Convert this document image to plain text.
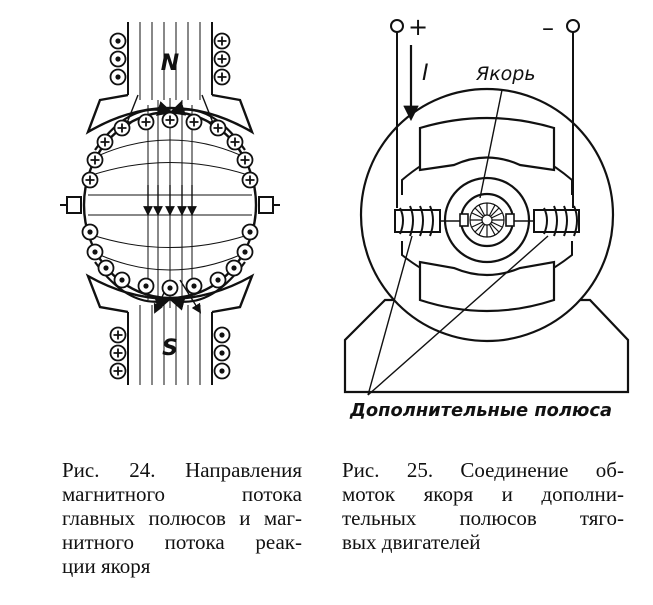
N
S
+	–
I	Якорь
Дополнительные полюса
Рис. 24. Направления
магнитного потока
главных полюсов и маг-
нитного потока реак-
ции якоря
Рис. 25. Соединение об-
моток якоря и дополни-
тельных полюсов тяго-
вых двигателей
